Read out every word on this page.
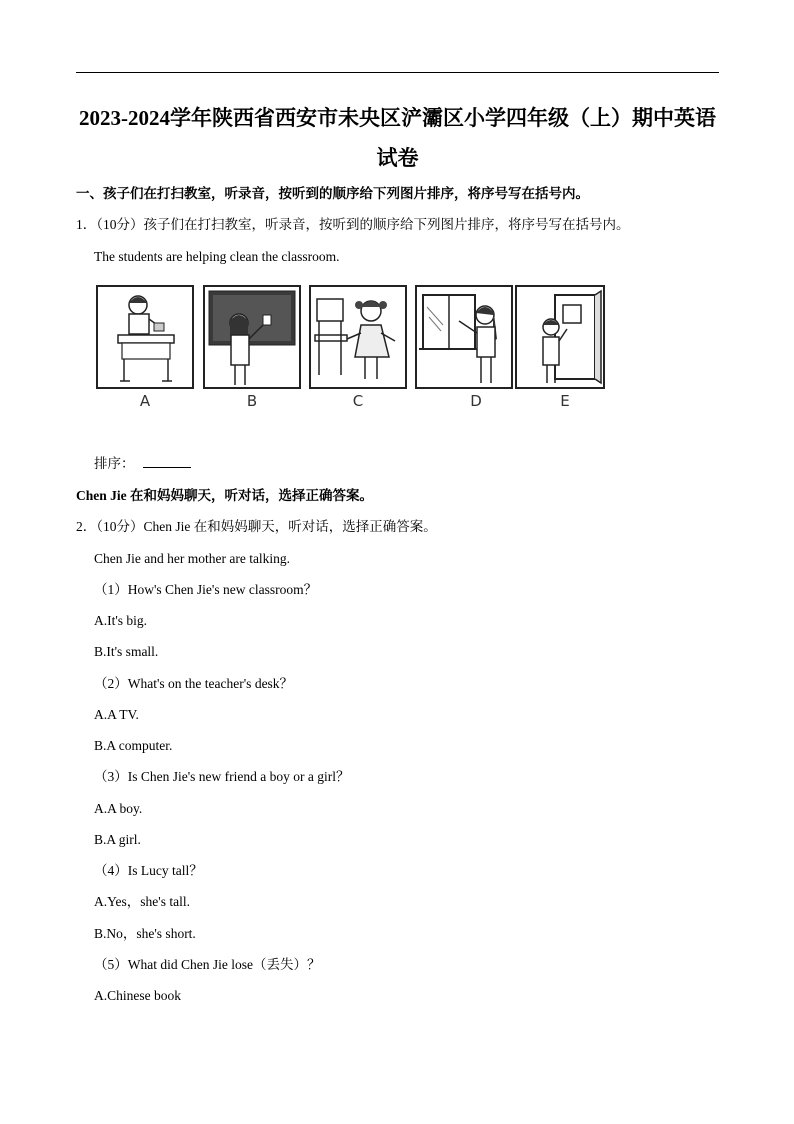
2023-2024学年陕西省西安市未央区浐灞区小学四年级（上）期中英语试卷
一、孩子们在打扫教室，听录音，按听到的顺序给下列图片排序，将序号写在括号内。
1．（10分）孩子们在打扫教室，听录音，按听到的顺序给下列图片排序，将序号写在括号内。
The students are helping clean the classroom.
A	B	C	D	E
排序：
Chen Jie 在和妈妈聊天，听对话，选择正确答案。
2．（10分）Chen Jie 在和妈妈聊天，听对话，选择正确答案。
Chen Jie and her mother are talking.
（1）How's Chen Jie's new classroom？
A.It's big.
B.It's small.
（2）What's on the teacher's desk？
A.A TV.
B.A computer.
（3）Is Chen Jie's new friend a boy or a girl？
A.A boy.
B.A girl.
（4）Is Lucy tall？
A.Yes，she's tall.
B.No，she's short.
（5）What did Chen Jie lose（丢失）？
A.Chinese book
